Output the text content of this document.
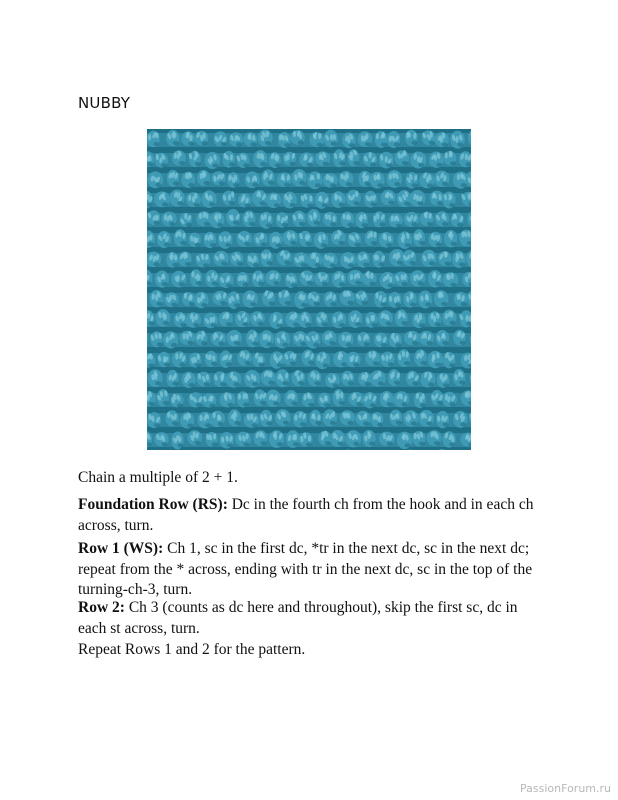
NUBBY
Chain a multiple of 2 + 1.
Foundation Row (RS): Dc in the fourth ch from the hook and in each ch across, turn.
Row 1 (WS): Ch 1, sc in the first dc, *tr in the next dc, sc in the next dc; repeat from the * across, ending with tr in the next dc, sc in the top of the turning-ch-3, turn.
Row 2: Ch 3 (counts as dc here and throughout), skip the first sc, dc in each st across, turn.
Repeat Rows 1 and 2 for the pattern.
PassionForum.ru
